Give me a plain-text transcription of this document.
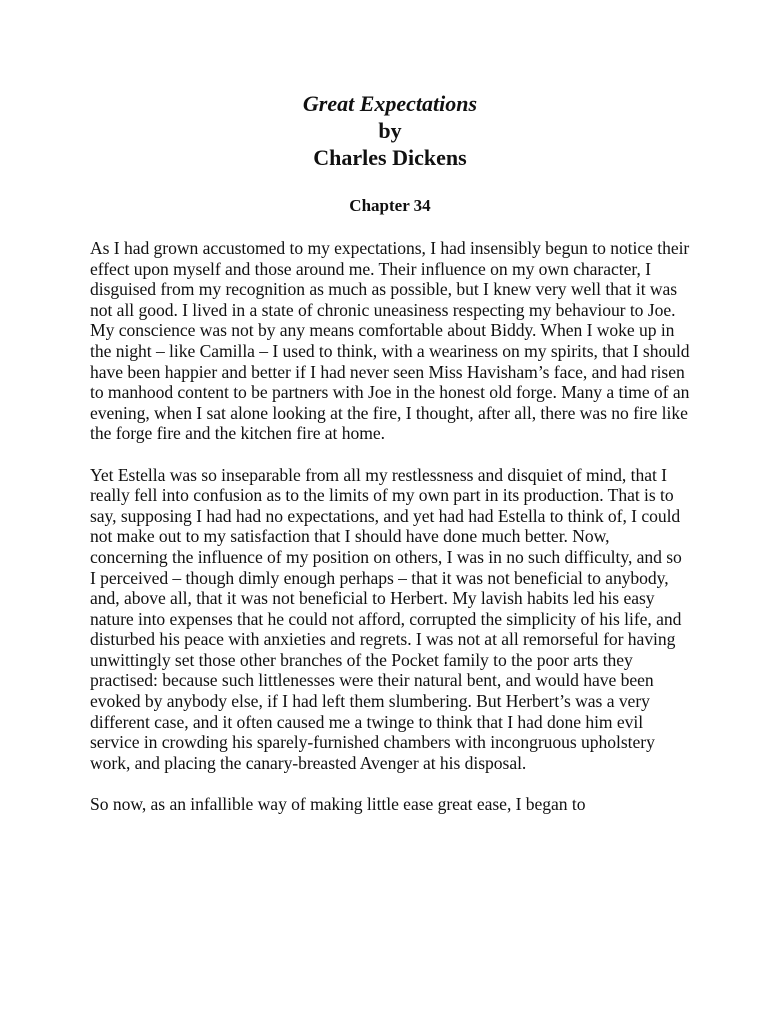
Great Expectations
by
Charles Dickens
Chapter 34

As I had grown accustomed to my expectations, I had insensibly begun to notice their effect upon myself and those around me. Their influence on my own character, I disguised from my recognition as much as possible, but I knew very well that it was not all good. I lived in a state of chronic uneasiness respecting my behaviour to Joe. My conscience was not by any means comfortable about Biddy. When I woke up in the night – like Camilla – I used to think, with a weariness on my spirits, that I should have been happier and better if I had never seen Miss Havisham’s face, and had risen to manhood content to be partners with Joe in the honest old forge. Many a time of an evening, when I sat alone looking at the fire, I thought, after all, there was no fire like the forge fire and the kitchen fire at home.

Yet Estella was so inseparable from all my restlessness and disquiet of mind, that I really fell into confusion as to the limits of my own part in its production. That is to say, supposing I had had no expectations, and yet had had Estella to think of, I could not make out to my satisfaction that I should have done much better. Now, concerning the influence of my position on others, I was in no such difficulty, and so I perceived – though dimly enough perhaps – that it was not beneficial to anybody, and, above all, that it was not beneficial to Herbert. My lavish habits led his easy nature into expenses that he could not afford, corrupted the simplicity of his life, and disturbed his peace with anxieties and regrets. I was not at all remorseful for having unwittingly set those other branches of the Pocket family to the poor arts they practised: because such littlenesses were their natural bent, and would have been evoked by anybody else, if I had left them slumbering. But Herbert’s was a very different case, and it often caused me a twinge to think that I had done him evil service in crowding his sparely-furnished chambers with incongruous upholstery work, and placing the canary-breasted Avenger at his disposal.

So now, as an infallible way of making little ease great ease, I began to
